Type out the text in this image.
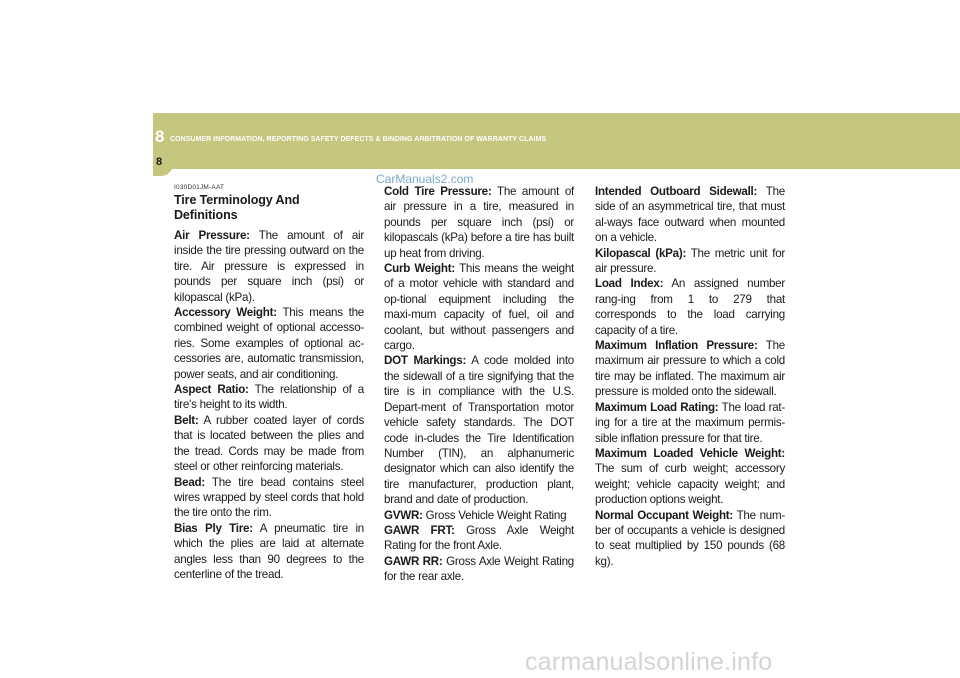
8 CONSUMER INFORMATION, REPORTING SAFETY DEFECTS & BINDING ARBITRATION OF WARRANTY CLAIMS
8
CarManuals2.com
I030D01JM-AAT
Tire Terminology And Definitions

Air Pressure: The amount of air inside the tire pressing outward on the tire. Air pressure is expressed in pounds per square inch (psi) or kilopascal (kPa).

Accessory Weight: This means the combined weight of optional accesso-ries. Some examples of optional ac-cessories are, automatic transmission, power seats, and air conditioning.

Aspect Ratio: The relationship of a tire's height to its width.

Belt: A rubber coated layer of cords that is located between the plies and the tread. Cords may be made from steel or other reinforcing materials.

Bead: The tire bead contains steel wires wrapped by steel cords that hold the tire onto the rim.

Bias Ply Tire: A pneumatic tire in which the plies are laid at alternate angles less than 90 degrees to the centerline of the tread.

Cold Tire Pressure: The amount of air pressure in a tire, measured in pounds per square inch (psi) or kilopascals (kPa) before a tire has built up heat from driving.

Curb Weight: This means the weight of a motor vehicle with standard and op-tional equipment including the maxi-mum capacity of fuel, oil and coolant, but without passengers and cargo.

DOT Markings: A code molded into the sidewall of a tire signifying that the tire is in compliance with the U.S. Depart-ment of Transportation motor vehicle safety standards. The DOT code in-cludes the Tire Identification Number (TIN), an alphanumeric designator which can also identify the tire manufacturer, production plant, brand and date of production.

GVWR: Gross Vehicle Weight Rating

GAWR FRT: Gross Axle Weight Rating for the front Axle.

GAWR RR: Gross Axle Weight Rating for the rear axle.

Intended Outboard Sidewall: The side of an asymmetrical tire, that must al-ways face outward when mounted on a vehicle.

Kilopascal (kPa): The metric unit for air pressure.

Load Index: An assigned number rang-ing from 1 to 279 that corresponds to the load carrying capacity of a tire.

Maximum Inflation Pressure: The maximum air pressure to which a cold tire may be inflated. The maximum air pressure is molded onto the sidewall.

Maximum Load Rating: The load rat-ing for a tire at the maximum permis-sible inflation pressure for that tire.

Maximum Loaded Vehicle Weight: The sum of curb weight; accessory weight; vehicle capacity weight; and production options weight.

Normal Occupant Weight: The num-ber of occupants a vehicle is designed to seat multiplied by 150 pounds (68 kg).

carmanualsonline.info
